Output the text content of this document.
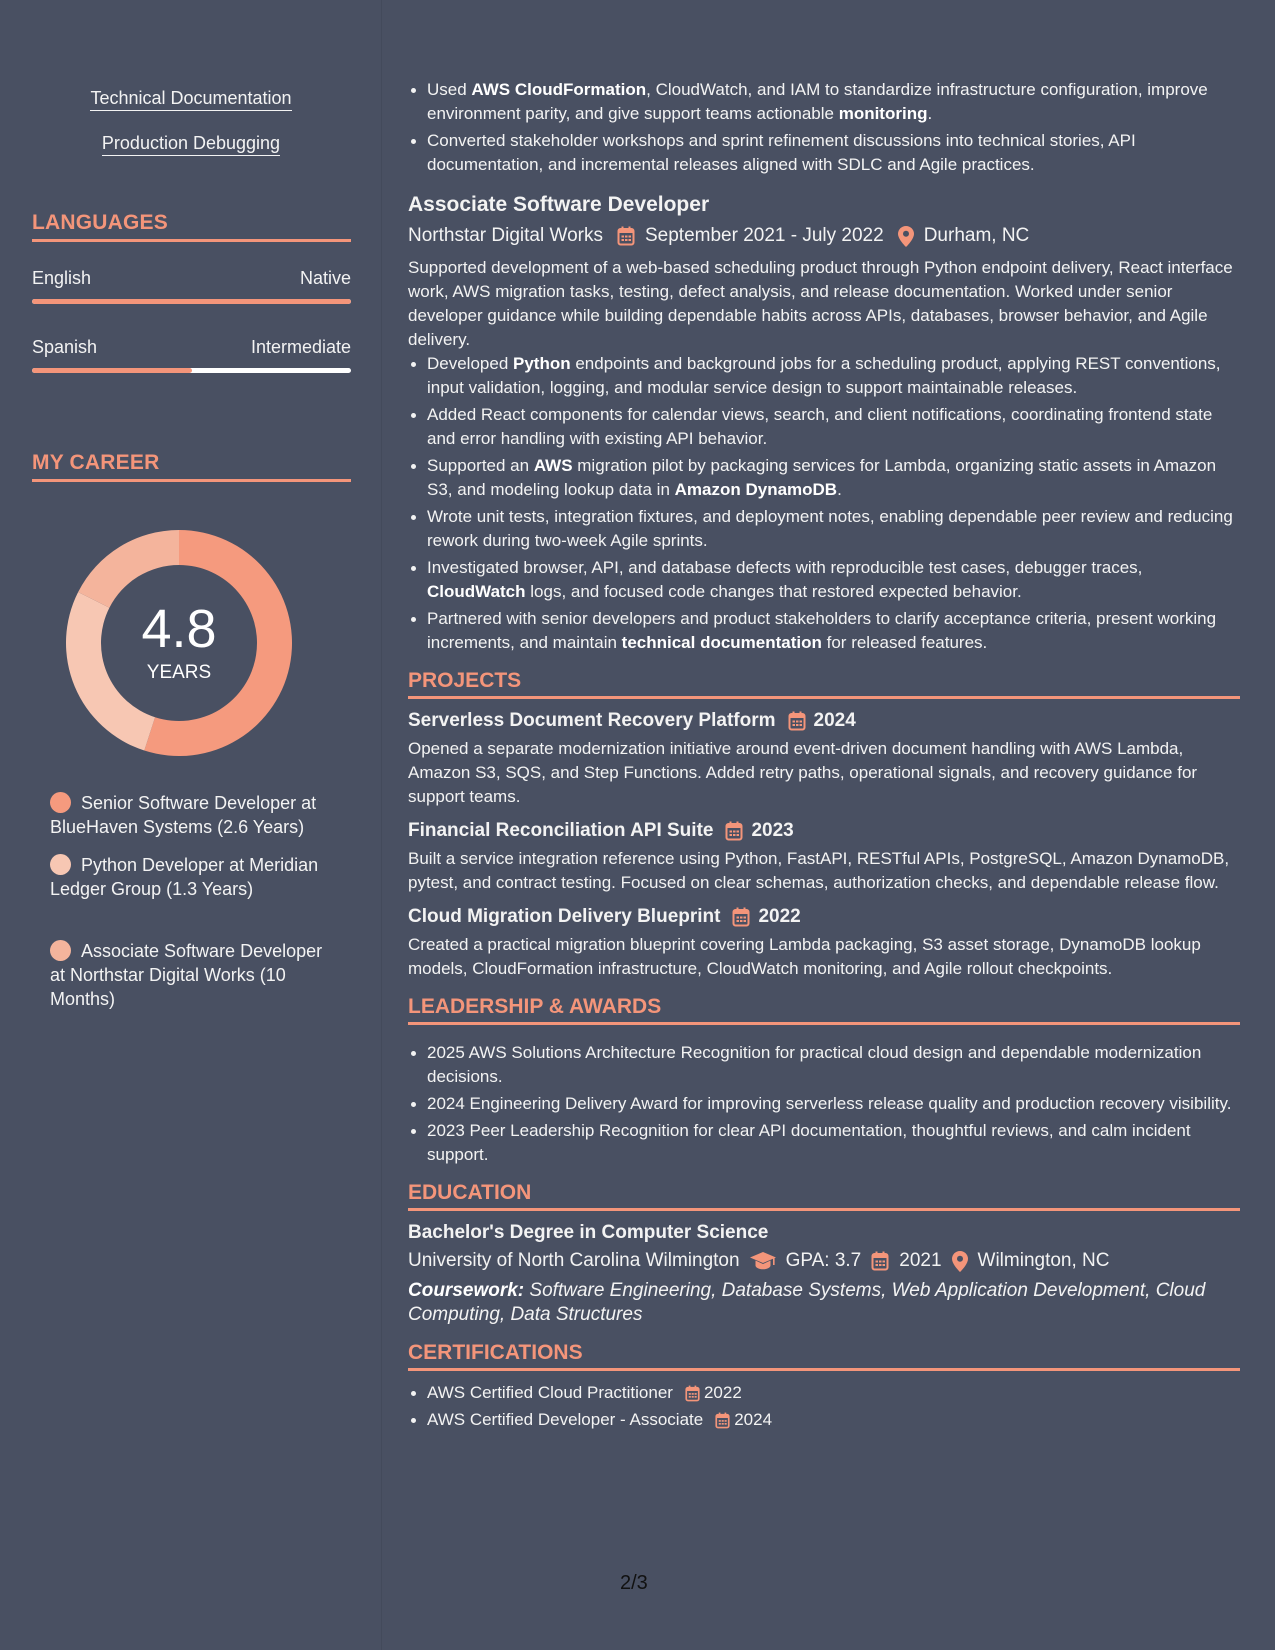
Technical Documentation
Production Debugging
LANGUAGES
English	Native
Spanish	Intermediate
MY CAREER
4.8
YEARS
Senior Software Developer at BlueHaven Systems (2.6 Years)
Python Developer at Meridian Ledger Group (1.3 Years)
Associate Software Developer at Northstar Digital Works (10 Months)
Used AWS CloudFormation, CloudWatch, and IAM to standardize infrastructure configuration, improve environment parity, and give support teams actionable monitoring.
Converted stakeholder workshops and sprint refinement discussions into technical stories, API documentation, and incremental releases aligned with SDLC and Agile practices.
Associate Software Developer
Northstar Digital Works September 2021 - July 2022 Durham, NC
Supported development of a web-based scheduling product through Python endpoint delivery, React interface work, AWS migration tasks, testing, defect analysis, and release documentation. Worked under senior developer guidance while building dependable habits across APIs, databases, browser behavior, and Agile delivery.
Developed Python endpoints and background jobs for a scheduling product, applying REST conventions, input validation, logging, and modular service design to support maintainable releases.
Added React components for calendar views, search, and client notifications, coordinating frontend state and error handling with existing API behavior.
Supported an AWS migration pilot by packaging services for Lambda, organizing static assets in Amazon S3, and modeling lookup data in Amazon DynamoDB.
Wrote unit tests, integration fixtures, and deployment notes, enabling dependable peer review and reducing rework during two-week Agile sprints.
Investigated browser, API, and database defects with reproducible test cases, debugger traces, CloudWatch logs, and focused code changes that restored expected behavior.
Partnered with senior developers and product stakeholders to clarify acceptance criteria, present working increments, and maintain technical documentation for released features.
PROJECTS
Serverless Document Recovery Platform 2024
Opened a separate modernization initiative around event-driven document handling with AWS Lambda, Amazon S3, SQS, and Step Functions. Added retry paths, operational signals, and recovery guidance for support teams.
Financial Reconciliation API Suite 2023
Built a service integration reference using Python, FastAPI, RESTful APIs, PostgreSQL, Amazon DynamoDB, pytest, and contract testing. Focused on clear schemas, authorization checks, and dependable release flow.
Cloud Migration Delivery Blueprint 2022
Created a practical migration blueprint covering Lambda packaging, S3 asset storage, DynamoDB lookup models, CloudFormation infrastructure, CloudWatch monitoring, and Agile rollout checkpoints.
LEADERSHIP & AWARDS
2025 AWS Solutions Architecture Recognition for practical cloud design and dependable modernization decisions.
2024 Engineering Delivery Award for improving serverless release quality and production recovery visibility.
2023 Peer Leadership Recognition for clear API documentation, thoughtful reviews, and calm incident support.
EDUCATION
Bachelor's Degree in Computer Science
University of North Carolina Wilmington GPA: 3.7 2021 Wilmington, NC
Coursework: Software Engineering, Database Systems, Web Application Development, Cloud Computing, Data Structures
CERTIFICATIONS
AWS Certified Cloud Practitioner 2022
AWS Certified Developer - Associate 2024
2/3
